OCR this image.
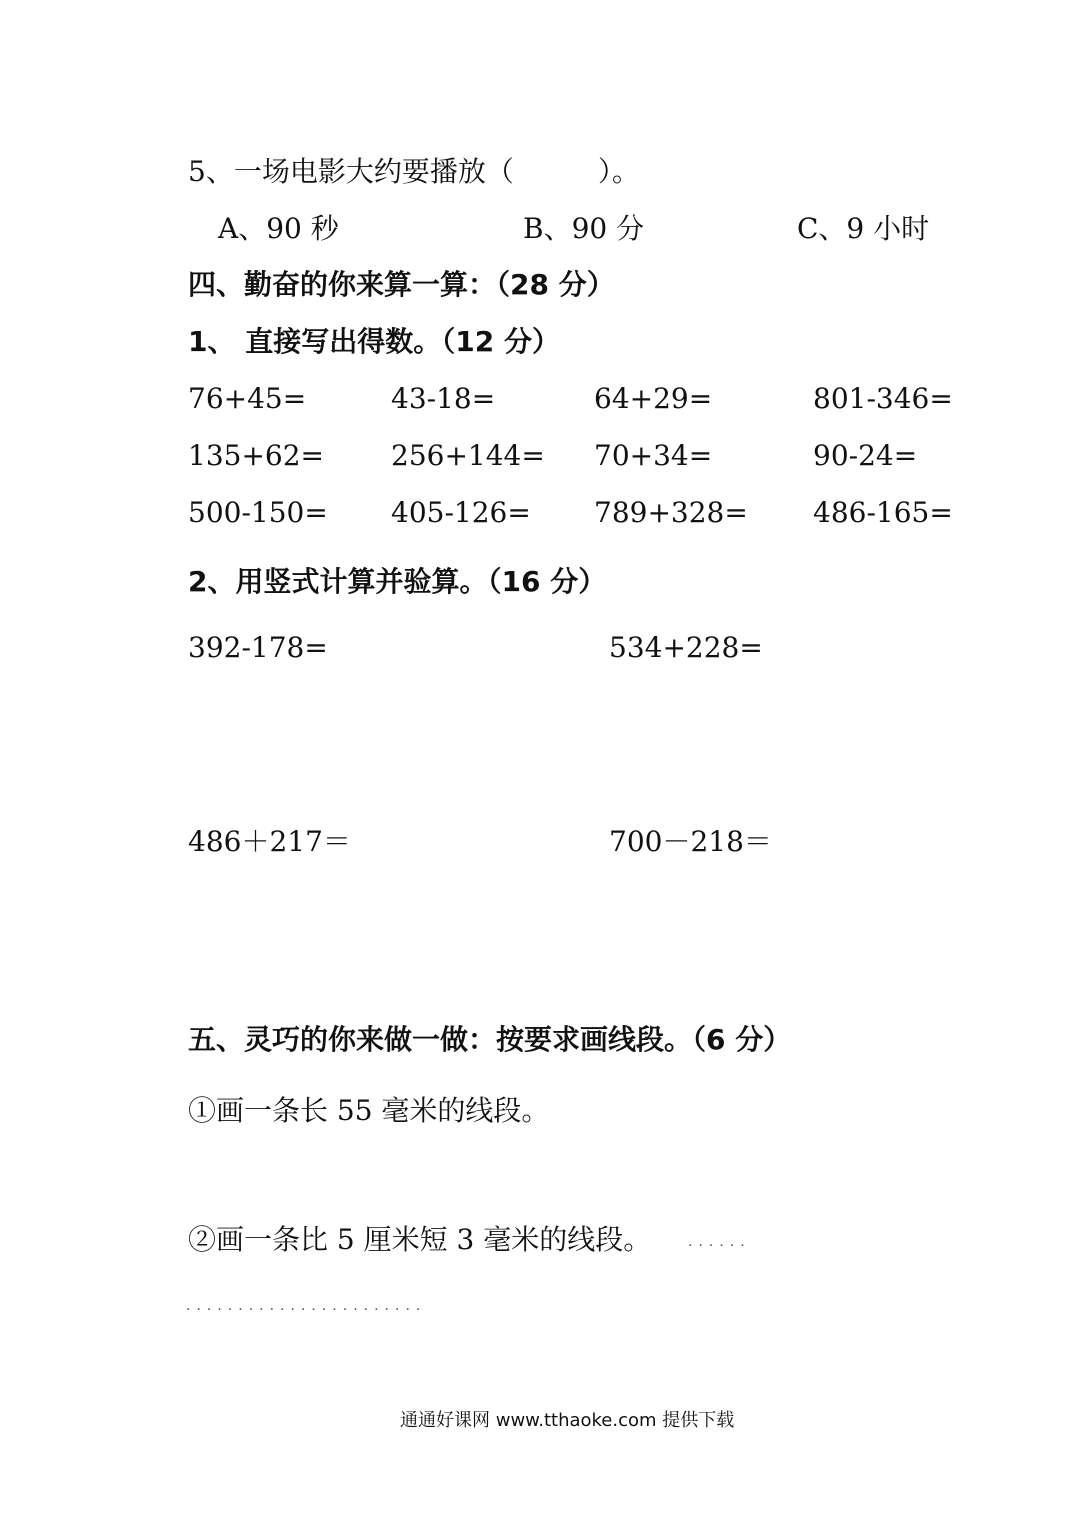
5、一场电影大约要播放（　　　）。
A、90 秒	B、90 分	C、9 小时
四、勤奋的你来算一算：（28 分）
1、 直接写出得数。（12 分）
76+45=	43-18=	64+29=	801-346=
135+62= 256+144= 70+34=	90-24=
500-150= 405-126= 789+328= 486-165=
2、用竖式计算并验算。（16 分）
392-178=	534+228=
486＋217＝	700－218＝
五、灵巧的你来做一做：按要求画线段。（6 分）
①画一条长 55 毫米的线段。
②画一条比 5 厘米短 3 毫米的线段。	······
·······················
通通好课网 www.tthaoke.com 提供下载
